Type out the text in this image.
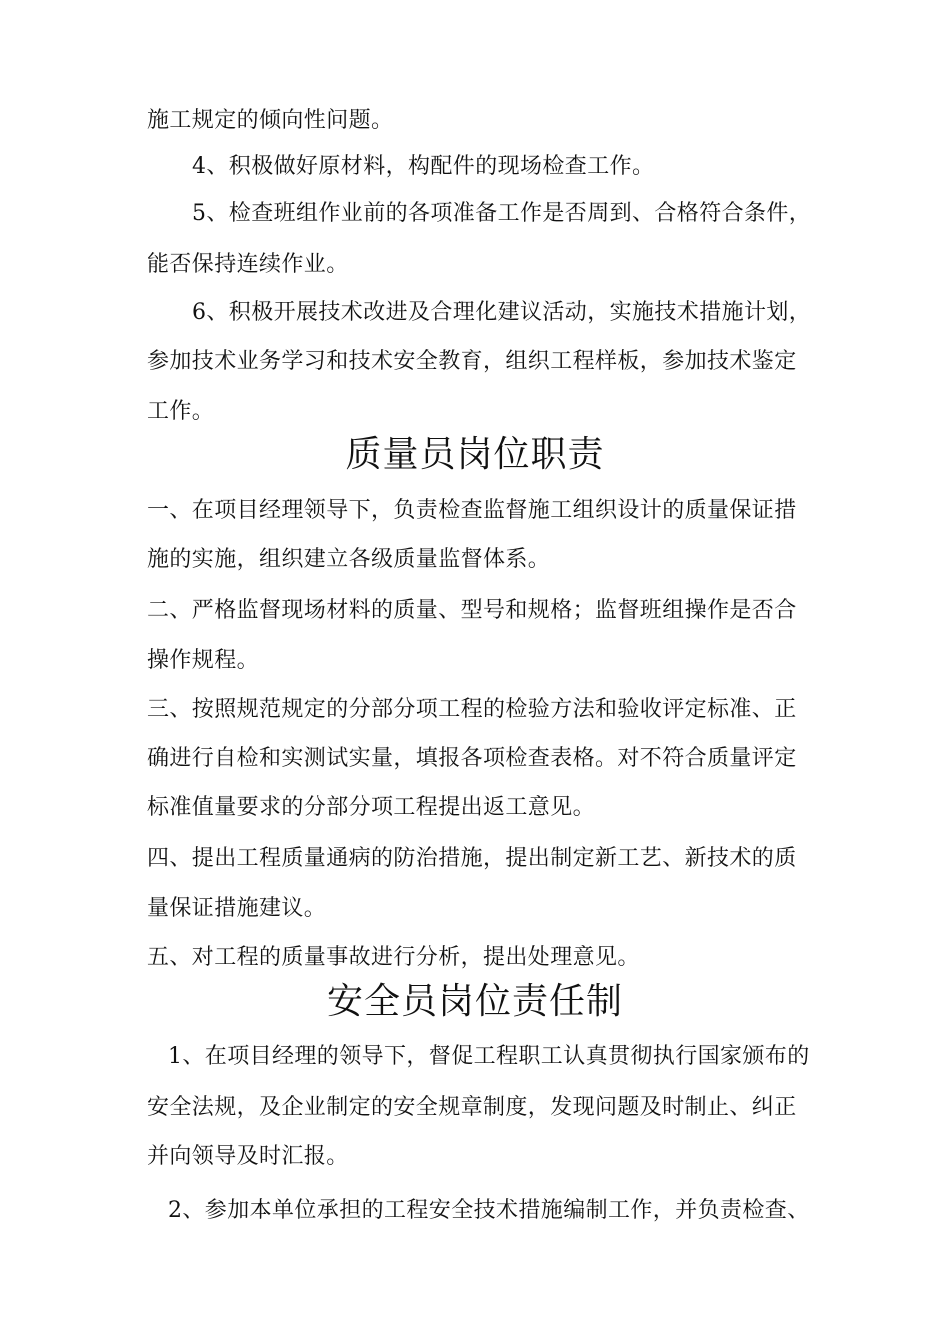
施工规定的倾向性问题。
4、积极做好原材料，构配件的现场检查工作。
5、检查班组作业前的各项准备工作是否周到、合格符合条件，
能否保持连续作业。
6、积极开展技术改进及合理化建议活动，实施技术措施计划，
参加技术业务学习和技术安全教育，组织工程样板，参加技术鉴定
工作。
质量员岗位职责
一、在项目经理领导下，负责检查监督施工组织设计的质量保证措
施的实施，组织建立各级质量监督体系。
二、严格监督现场材料的质量、型号和规格；监督班组操作是否合
操作规程。
三、按照规范规定的分部分项工程的检验方法和验收评定标准、正
确进行自检和实测试实量，填报各项检查表格。对不符合质量评定
标准值量要求的分部分项工程提出返工意见。
四、提出工程质量通病的防治措施，提出制定新工艺、新技术的质
量保证措施建议。
五、对工程的质量事故进行分析，提出处理意见。
安全员岗位责任制
1、在项目经理的领导下，督促工程职工认真贯彻执行国家颁布的
安全法规，及企业制定的安全规章制度，发现问题及时制止、纠正
并向领导及时汇报。
2、参加本单位承担的工程安全技术措施编制工作，并负责检查、
